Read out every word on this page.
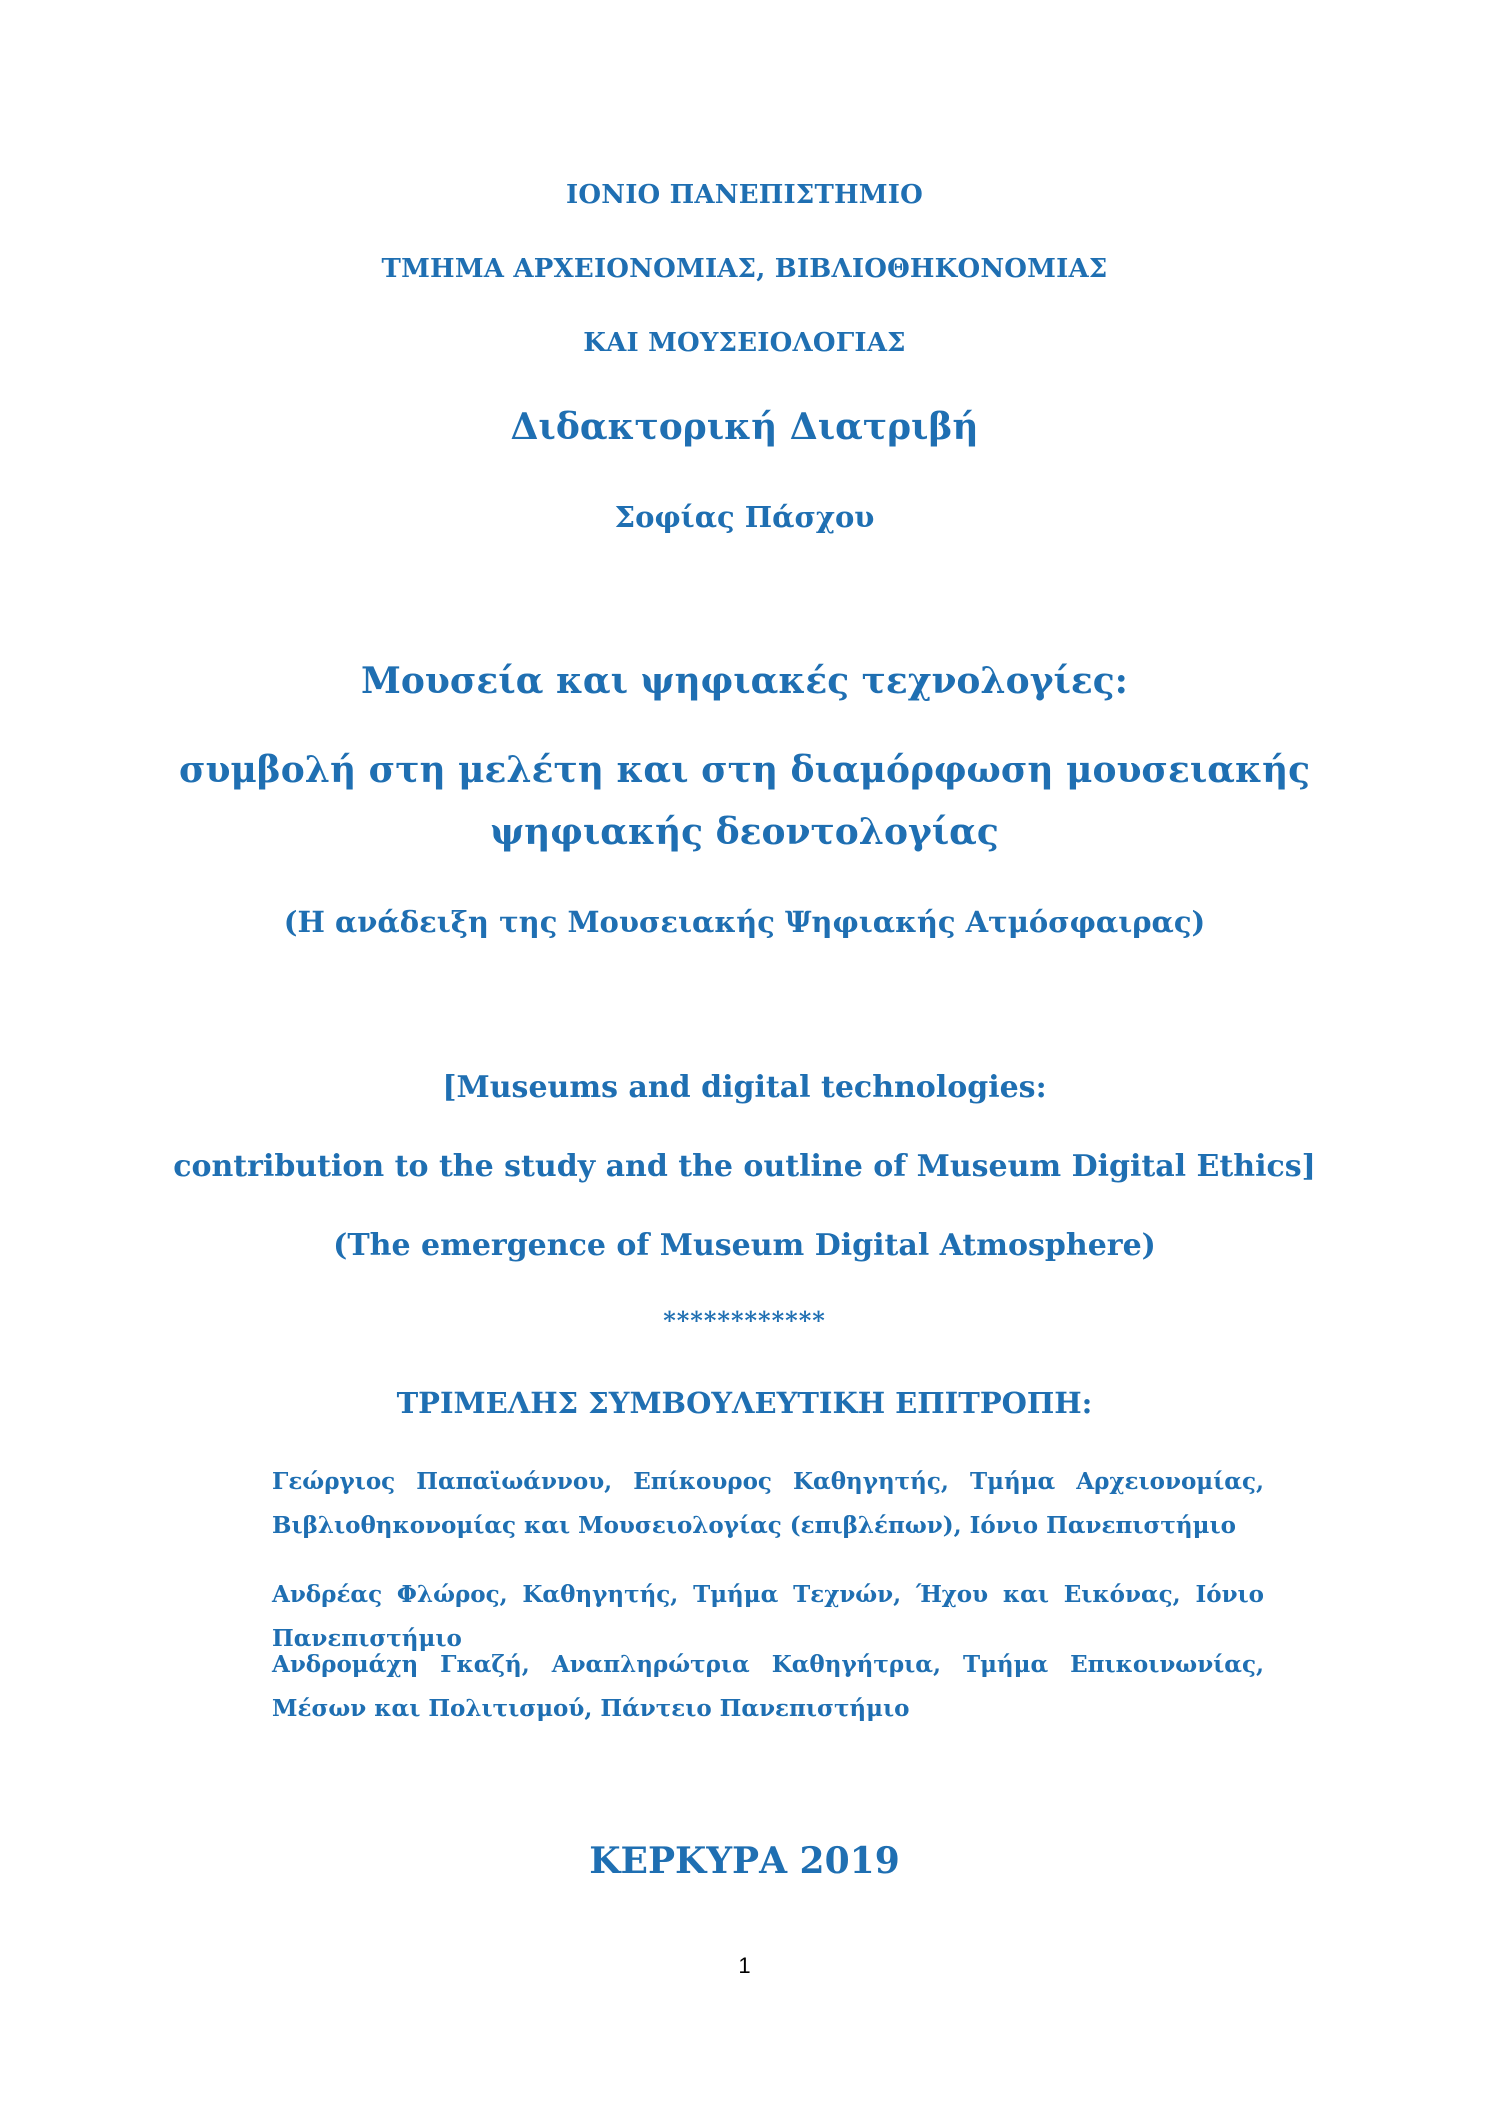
ΙΟΝΙΟ ΠΑΝΕΠΙΣΤΗΜΙΟ
ΤΜΗΜΑ ΑΡΧΕΙΟΝΟΜΙΑΣ, ΒΙΒΛΙΟΘΗΚΟΝΟΜΙΑΣ
ΚΑΙ ΜΟΥΣΕΙΟΛΟΓΙΑΣ
Διδακτορική Διατριβή
Σοφίας Πάσχου
Μουσεία και ψηφιακές τεχνολογίες:
συμβολή στη μελέτη και στη διαμόρφωση μουσειακής
ψηφιακής δεοντολογίας
(Η ανάδειξη της Μουσειακής Ψηφιακής Ατμόσφαιρας)
[Museums and digital technologies:
contribution to the study and the outline of Museum Digital Ethics]
(The emergence of Museum Digital Atmosphere)
************
ΤΡΙΜΕΛΗΣ ΣΥΜΒΟΥΛΕΥΤΙΚΗ ΕΠΙΤΡΟΠΗ:
Γεώργιος Παπαϊωάννου, Επίκουρος Καθηγητής, Τμήμα Αρχειονομίας, Βιβλιοθηκονομίας και Μουσειολογίας (επιβλέπων), Ιόνιο Πανεπιστήμιο
Ανδρέας Φλώρος, Καθηγητής, Τμήμα Τεχνών, Ήχου και Εικόνας, Ιόνιο Πανεπιστήμιο
Ανδρομάχη Γκαζή, Αναπληρώτρια Καθηγήτρια, Τμήμα Επικοινωνίας, Μέσων και Πολιτισμού, Πάντειο Πανεπιστήμιο
ΚΕΡΚΥΡΑ 2019
1
